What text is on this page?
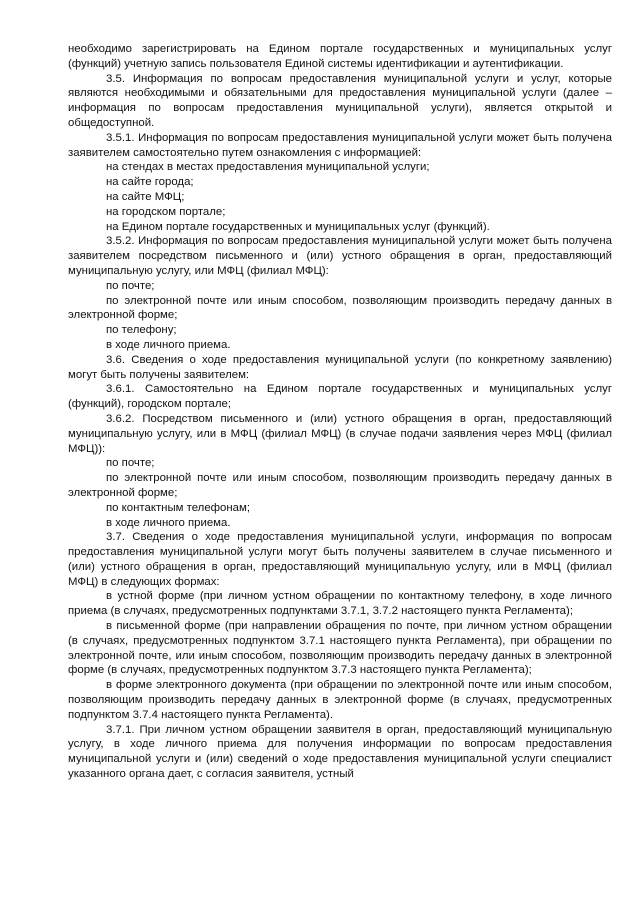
необходимо зарегистрировать на Едином портале государственных и муниципальных услуг (функций) учетную запись пользователя Единой системы идентификации и аутентификации.

3.5. Информация по вопросам предоставления муниципальной услуги и услуг, которые являются необходимыми и обязательными для предоставления муниципальной услуги (далее – информация по вопросам предоставления муниципальной услуги), является открытой и общедоступной.

3.5.1. Информация по вопросам предоставления муниципальной услуги может быть получена заявителем самостоятельно путем ознакомления с информацией:

на стендах в местах предоставления муниципальной услуги;

на сайте города;

на сайте МФЦ;

на городском портале;

на Едином портале государственных и муниципальных услуг (функций).

3.5.2. Информация по вопросам предоставления муниципальной услуги может быть получена заявителем посредством письменного и (или) устного обращения в орган, предоставляющий муниципальную услугу, или МФЦ (филиал МФЦ):

по почте;

по электронной почте или иным способом, позволяющим производить передачу данных в электронной форме;

по телефону;

в ходе личного приема.

3.6. Сведения о ходе предоставления муниципальной услуги (по конкретному заявлению) могут быть получены заявителем:

3.6.1. Самостоятельно на Едином портале государственных и муниципальных услуг (функций), городском портале;

3.6.2. Посредством письменного и (или) устного обращения в орган, предоставляющий муниципальную услугу, или в МФЦ (филиал МФЦ) (в случае подачи заявления через МФЦ (филиал МФЦ)):

по почте;

по электронной почте или иным способом, позволяющим производить передачу данных в электронной форме;

по контактным телефонам;

в ходе личного приема.

3.7. Сведения о ходе предоставления муниципальной услуги, информация по вопросам предоставления муниципальной услуги могут быть получены заявителем в случае письменного и (или) устного обращения в орган, предоставляющий муниципальную услугу, или в МФЦ (филиал МФЦ) в следующих формах:

в устной форме (при личном устном обращении по контактному телефону, в ходе личного приема (в случаях, предусмотренных подпунктами 3.7.1, 3.7.2 настоящего пункта Регламента);

в письменной форме (при направлении обращения по почте, при личном устном обращении (в случаях, предусмотренных подпунктом 3.7.1 настоящего пункта Регламента), при обращении по электронной почте, или иным способом, позволяющим производить передачу данных в электронной форме (в случаях, предусмотренных подпунктом 3.7.3 настоящего пункта Регламента);

в форме электронного документа (при обращении по электронной почте или иным способом, позволяющим производить передачу данных в электронной форме (в случаях, предусмотренных подпунктом 3.7.4 настоящего пункта Регламента).

3.7.1. При личном устном обращении заявителя в орган, предоставляющий муниципальную услугу, в ходе личного приема для получения информации по вопросам предоставления муниципальной услуги и (или) сведений о ходе предоставления муниципальной услуги специалист указанного органа дает, с согласия заявителя, устный
